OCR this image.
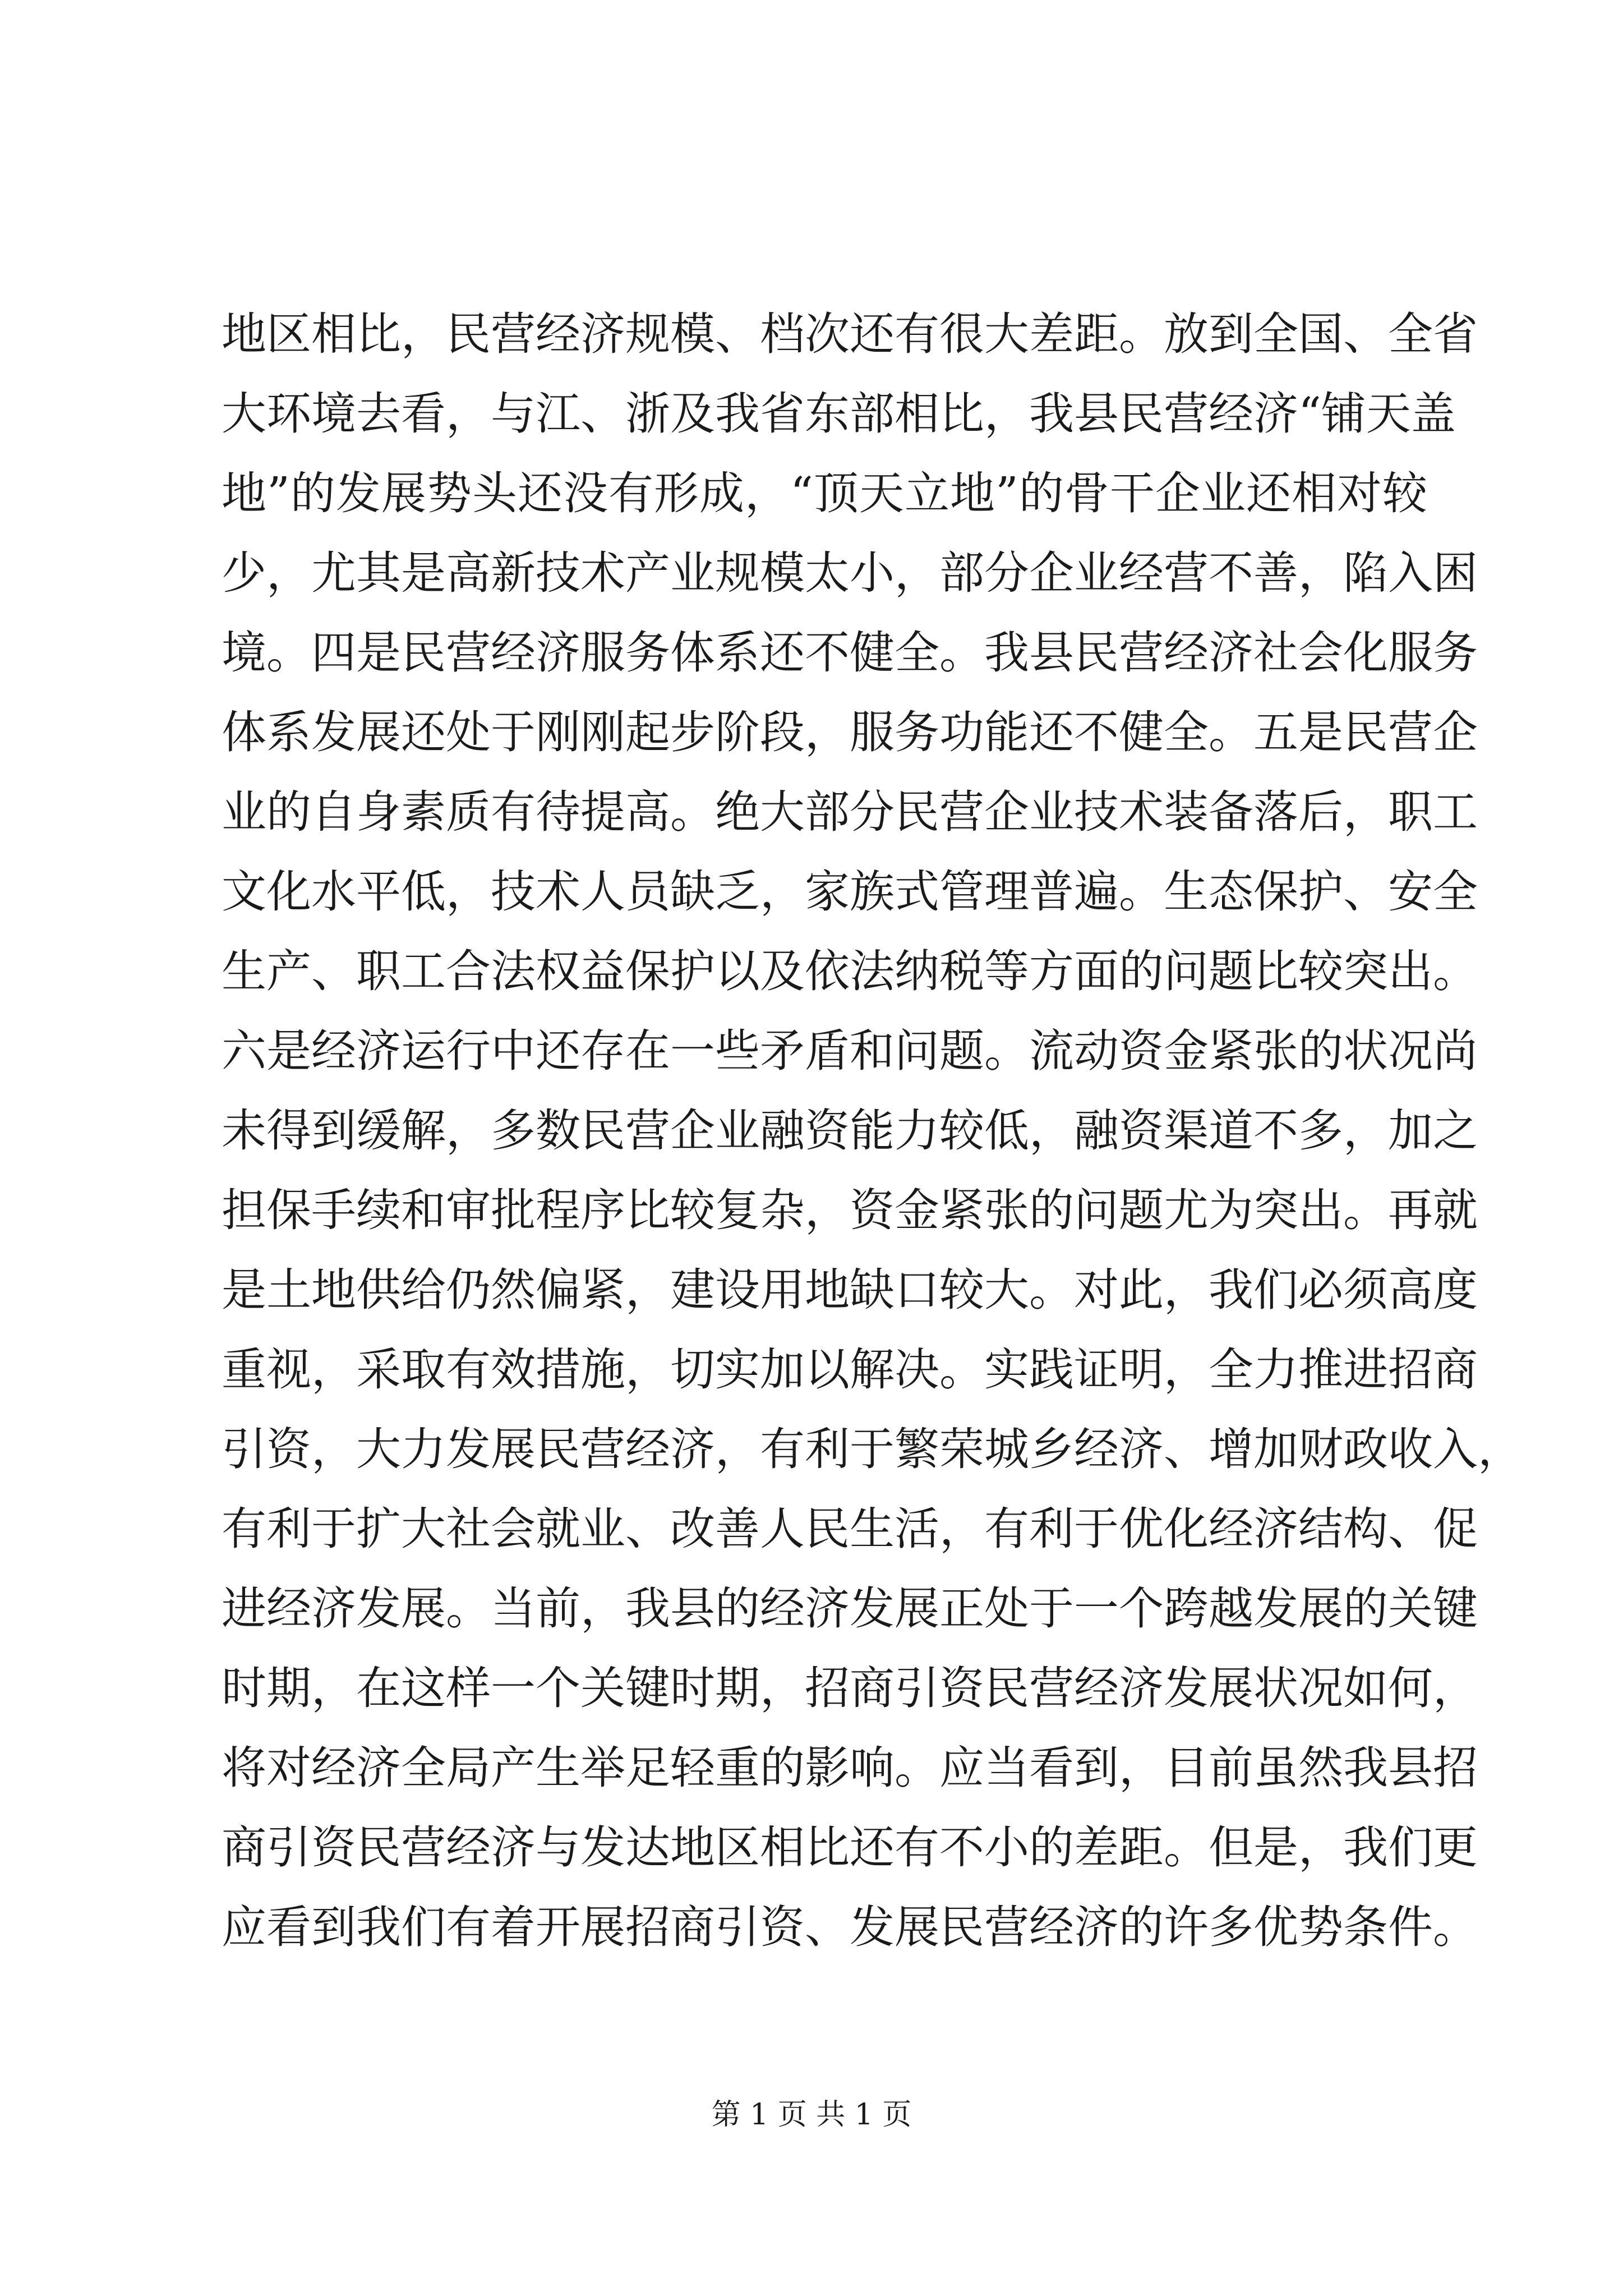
地区相比，民营经济规模、档次还有很大差距。放到全国、全省
大环境去看，与江、浙及我省东部相比，我县民营经济“铺天盖
地”的发展势头还没有形成，“顶天立地”的骨干企业还相对较
少，尤其是高新技术产业规模太小，部分企业经营不善，陷入困
境。四是民营经济服务体系还不健全。我县民营经济社会化服务
体系发展还处于刚刚起步阶段，服务功能还不健全。五是民营企
业的自身素质有待提高。绝大部分民营企业技术装备落后，职工
文化水平低，技术人员缺乏，家族式管理普遍。生态保护、安全
生产、职工合法权益保护以及依法纳税等方面的问题比较突出。
六是经济运行中还存在一些矛盾和问题。流动资金紧张的状况尚
未得到缓解，多数民营企业融资能力较低，融资渠道不多，加之
担保手续和审批程序比较复杂，资金紧张的问题尤为突出。再就
是土地供给仍然偏紧，建设用地缺口较大。对此，我们必须高度
重视，采取有效措施，切实加以解决。实践证明，全力推进招商
引资，大力发展民营经济，有利于繁荣城乡经济、增加财政收入，
有利于扩大社会就业、改善人民生活，有利于优化经济结构、促
进经济发展。当前，我县的经济发展正处于一个跨越发展的关键
时期，在这样一个关键时期，招商引资民营经济发展状况如何，
将对经济全局产生举足轻重的影响。应当看到，目前虽然我县招
商引资民营经济与发达地区相比还有不小的差距。但是，我们更
应看到我们有着开展招商引资、发展民营经济的许多优势条件。
第 1 页 共 1 页
